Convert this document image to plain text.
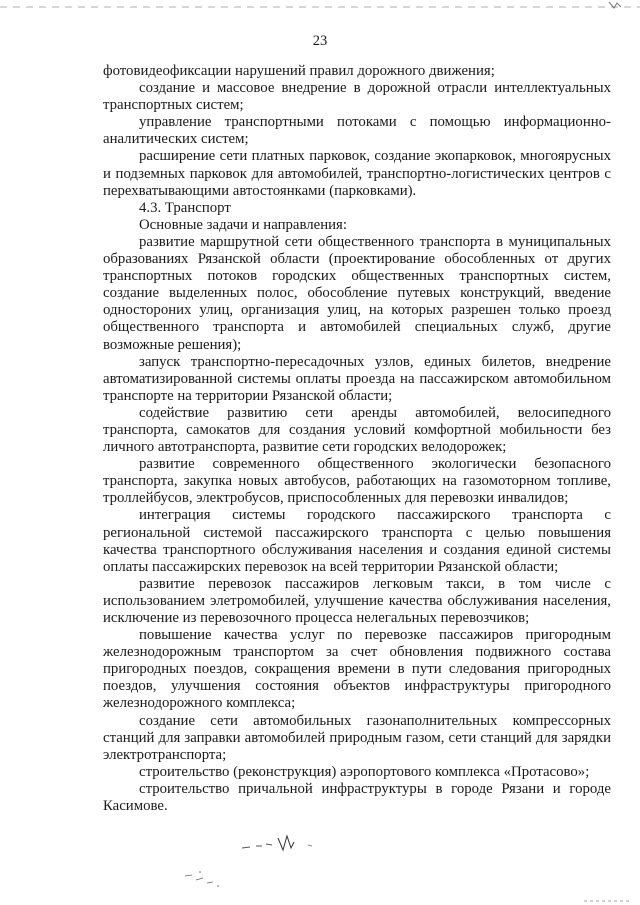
23

фотовидеофиксации нарушений правил дорожного движения;

создание и массовое внедрение в дорожной отрасли интеллектуальных транспортных систем;

управление транспортными потоками с помощью информационно-аналитических систем;

расширение сети платных парковок, создание экопарковок, многоярусных и подземных парковок для автомобилей, транспортно-логистических центров с перехватывающими автостоянками (парковками).

4.3. Транспорт

Основные задачи и направления:

развитие маршрутной сети общественного транспорта в муниципальных образованиях Рязанской области (проектирование обособленных от других транспортных потоков городских общественных транспортных систем, создание выделенных полос, обособление путевых конструкций, введение одностороних улиц, организация улиц, на которых разрешен только проезд общественного транспорта и автомобилей специальных служб, другие возможные решения);

запуск транспортно-пересадочных узлов, единых билетов, внедрение автоматизированной системы оплаты проезда на пассажирском автомобильном транспорте на территории Рязанской области;

содействие развитию сети аренды автомобилей, велосипедного транспорта, самокатов для создания условий комфортной мобильности без личного автотранспорта, развитие сети городских велодорожек;

развитие современного общественного экологически безопасного транспорта, закупка новых автобусов, работающих на газомоторном топливе, троллейбусов, электробусов, приспособленных для перевозки инвалидов;

интеграция системы городского пассажирского транспорта с региональной системой пассажирского транспорта с целью повышения качества транспортного обслуживания населения и создания единой системы оплаты пассажирских перевозок на всей территории Рязанской области;

развитие перевозок пассажиров легковым такси, в том числе с использованием элетромобилей, улучшение качества обслуживания населения, исключение из перевозочного процесса нелегальных перевозчиков;

повышение качества услуг по перевозке пассажиров пригородным железнодорожным транспортом за счет обновления подвижного состава пригородных поездов, сокращения времени в пути следования пригородных поездов, улучшения состояния объектов инфраструктуры пригородного железнодорожного комплекса;

создание сети автомобильных газонаполнительных компрессорных станций для заправки автомобилей природным газом, сети станций для зарядки электротранспорта;

строительство (реконструкция) аэропортового комплекса «Протасово»;

строительство причальной инфраструктуры в городе Рязани и городе Касимове.
